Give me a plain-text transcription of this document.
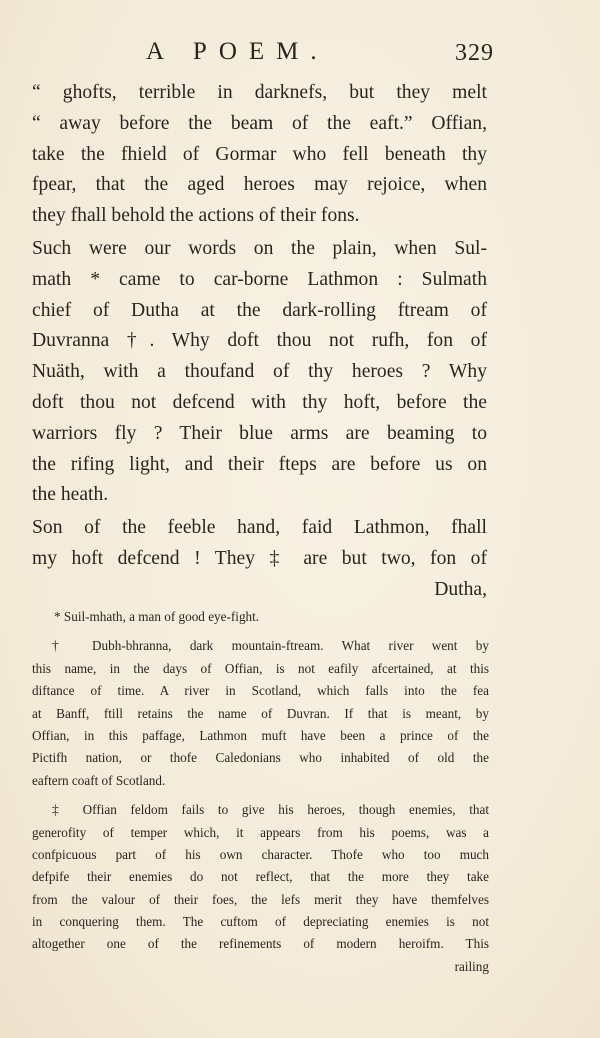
A POEM.	329
“ ghofts, terrible in darknefs, but they melt
“ away before the beam of the eaft.” Offian,
take the fhield of Gormar who fell beneath thy
fpear, that the aged heroes may rejoice, when
they fhall behold the actions of their fons.
Such were our words on the plain, when Sul-
math * came to car-borne Lathmon : Sulmath
chief of Dutha at the dark-rolling ftream of
Duvranna †. Why doft thou not rufh, fon of
Nuäth, with a thoufand of thy heroes ? Why
doft thou not defcend with thy hoft, before the
warriors fly ? Their blue arms are beaming to
the rifing light, and their fteps are before us on
the heath.
Son of the feeble hand, faid Lathmon, fhall
my hoft defcend ! They ‡ are but two, fon of
Dutha,
* Suil-mhath, a man of good eye-fight.
† Dubh-bhranna, dark mountain-ftream. What river went by
this name, in the days of Offian, is not eafily afcertained, at this
diftance of time. A river in Scotland, which falls into the fea
at Banff, ftill retains the name of Duvran. If that is meant, by
Offian, in this paffage, Lathmon muft have been a prince of the
Pictifh nation, or thofe Caledonians who inhabited of old the
eaftern coaft of Scotland.
‡ Offian feldom fails to give his heroes, though enemies, that
generofity of temper which, it appears from his poems, was a
confpicuous part of his own character. Thofe who too much
defpife their enemies do not reflect, that the more they take
from the valour of their foes, the lefs merit they have themfelves
in conquering them. The cuftom of depreciating enemies is not
altogether one of the refinements of modern heroifm. This
railing
